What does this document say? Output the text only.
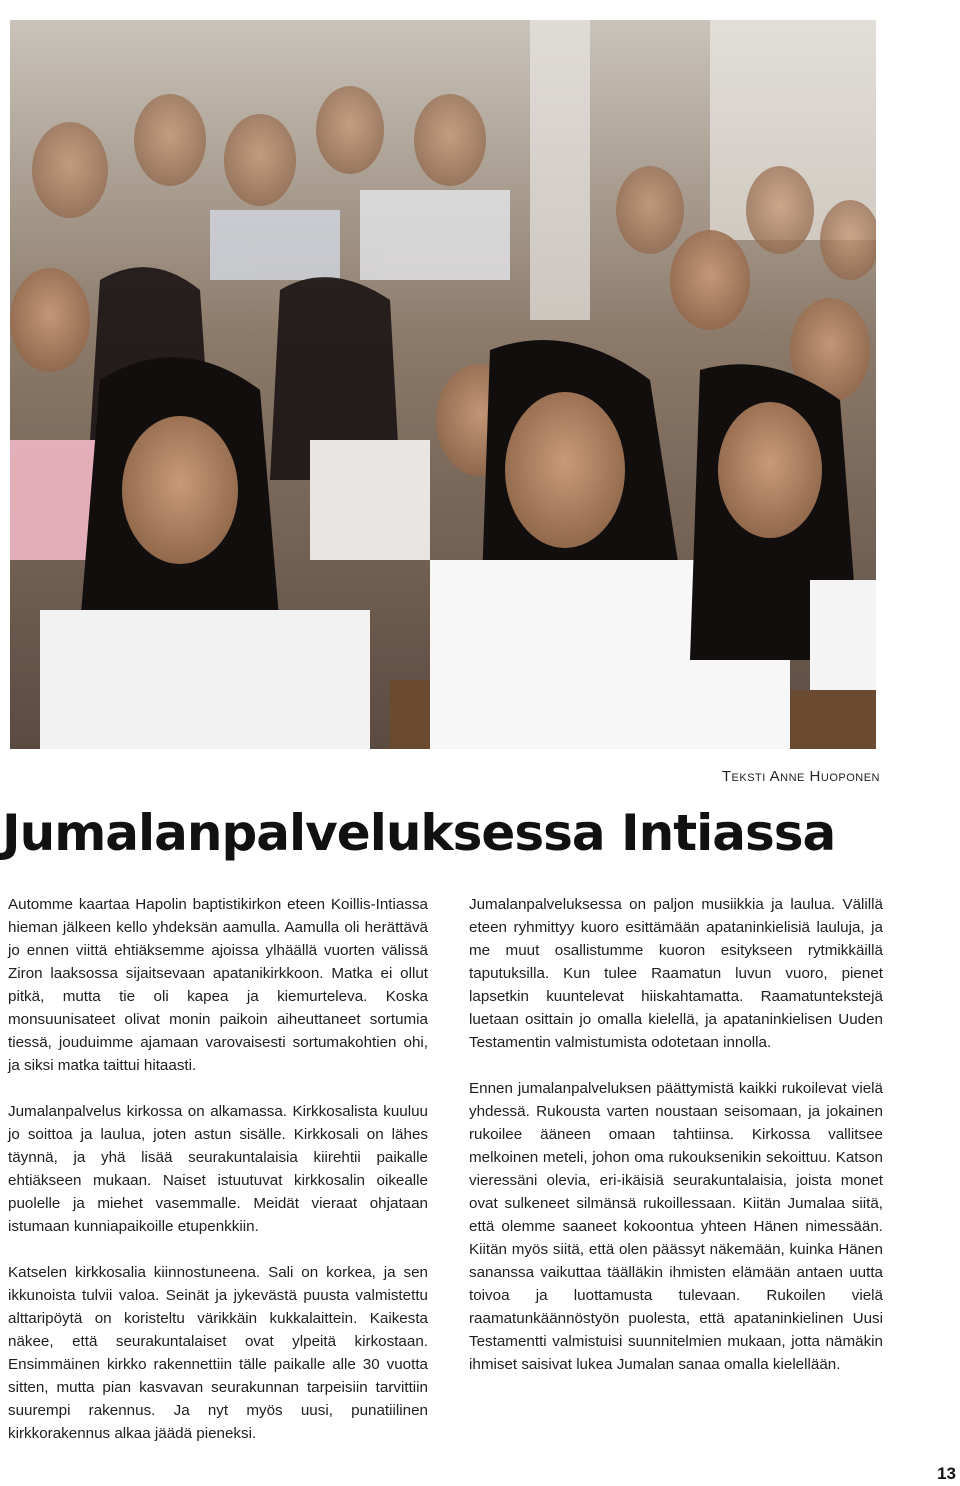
Teksti Anne Huoponen
Jumalanpalveluksessa Intiassa

Automme kaartaa Hapolin baptistikirkon eteen Koillis-Intiassa hieman jälkeen kello yhdeksän aamulla. Aamulla oli herättävä jo ennen viittä ehtiäksemme ajoissa ylhäällä vuorten välissä Ziron laaksossa sijaitsevaan apatanikirkkoon. Matka ei ollut pitkä, mutta tie oli kapea ja kiemurteleva. Koska monsuunisateet olivat monin paikoin aiheuttaneet sortumia tiessä, jouduimme ajamaan varovaisesti sortumakohtien ohi, ja siksi matka taittui hitaasti.

Jumalanpalvelus kirkossa on alkamassa. Kirkkosalista kuuluu jo soittoa ja laulua, joten astun sisälle. Kirkkosali on lähes täynnä, ja yhä lisää seurakuntalaisia kiirehtii paikalle ehtiäkseen mukaan. Naiset istuutuvat kirkkosalin oikealle puolelle ja miehet vasemmalle. Meidät vieraat ohjataan istumaan kunniapaikoille etupenkkiin.

Katselen kirkkosalia kiinnostuneena. Sali on korkea, ja sen ikkunoista tulvii valoa. Seinät ja jykevästä puusta valmistettu alttaripöytä on koristeltu värikkäin kukkalaittein. Kaikesta näkee, että seurakuntalaiset ovat ylpeitä kirkostaan. Ensimmäinen kirkko rakennettiin tälle paikalle alle 30 vuotta sitten, mutta pian kasvavan seurakunnan tarpeisiin tarvittiin suurempi rakennus. Ja nyt myös uusi, punatiilinen kirkkorakennus alkaa jäädä pieneksi.

Jumalanpalveluksessa on paljon musiikkia ja laulua. Välillä eteen ryhmittyy kuoro esittämään apataninkielisiä lauluja, ja me muut osallistumme kuoron esitykseen rytmikkäillä taputuksilla. Kun tulee Raamatun luvun vuoro, pienet lapsetkin kuuntelevat hiiskahtamatta. Raamatuntekstejä luetaan osittain jo omalla kielellä, ja apataninkielisen Uuden Testamentin valmistumista odotetaan innolla.

Ennen jumalanpalveluksen päättymistä kaikki rukoilevat vielä yhdessä. Rukousta varten noustaan seisomaan, ja jokainen rukoilee ääneen omaan tahtiinsa. Kirkossa vallitsee melkoinen meteli, johon oma rukouksenikin sekoittuu. Katson vieressäni olevia, eri-ikäisiä seurakuntalaisia, joista monet ovat sulkeneet silmänsä rukoillessaan. Kiitän Jumalaa siitä, että olemme saaneet kokoontua yhteen Hänen nimessään. Kiitän myös siitä, että olen päässyt näkemään, kuinka Hänen sananssa vaikuttaa täälläkin ihmisten elämään antaen uutta toivoa ja luottamusta tulevaan. Rukoilen vielä raamatunkäännöstyön puolesta, että apataninkielinen Uusi Testamentti valmistuisi suunnitelmien mukaan, jotta nämäkin ihmiset saisivat lukea Jumalan sanaa omalla kielellään.

13
